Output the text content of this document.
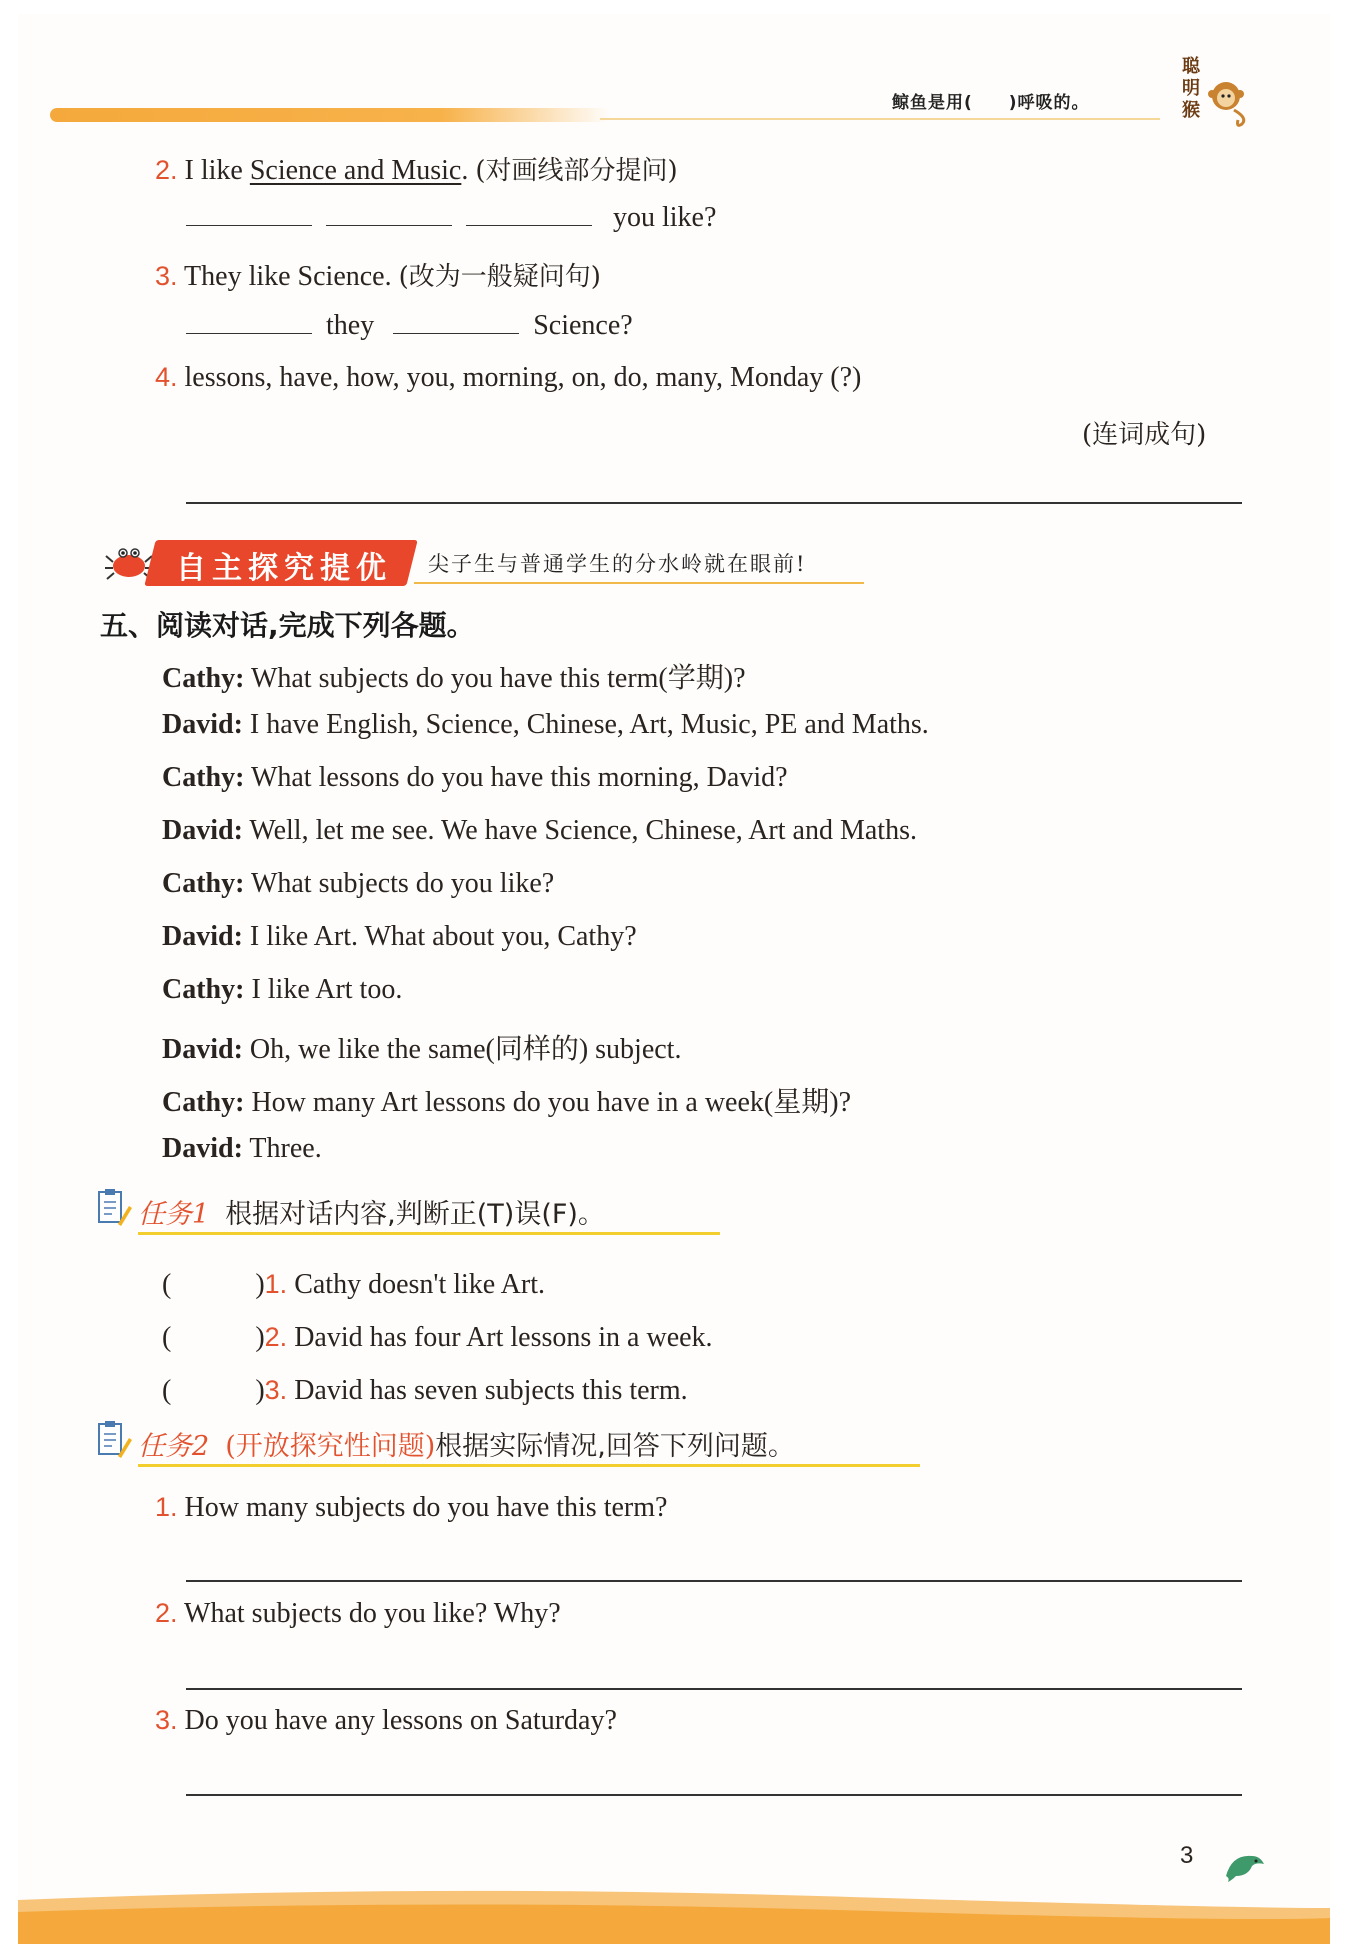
鲸鱼是用(　　)呼吸的。
聪
明
猴
2. I like Science and Music. (对画线部分提问)
you like?
3. They like Science. (改为一般疑问句)
they	Science?
4. lessons, have, how, you, morning, on, do, many, Monday (?)
(连词成句)
自主探究提优 尖子生与普通学生的分水岭就在眼前!
五、阅读对话,完成下列各题。
Cathy: What subjects do you have this term(学期)?
David: I have English, Science, Chinese, Art, Music, PE and Maths.
Cathy: What lessons do you have this morning, David?
David: Well, let me see. We have Science, Chinese, Art and Maths.
Cathy: What subjects do you like?
David: I like Art. What about you, Cathy?
Cathy: I like Art too.
David: Oh, we like the same(同样的) subject.
Cathy: How many Art lessons do you have in a week(星期)?
David: Three.
任务1 根据对话内容,判断正(T)误(F)。
(　　　)1. Cathy doesn't like Art.
(　　　)2. David has four Art lessons in a week.
(　　　)3. David has seven subjects this term.
任务2 (开放探究性问题)根据实际情况,回答下列问题。
1. How many subjects do you have this term?
2. What subjects do you like? Why?
3. Do you have any lessons on Saturday?
3
